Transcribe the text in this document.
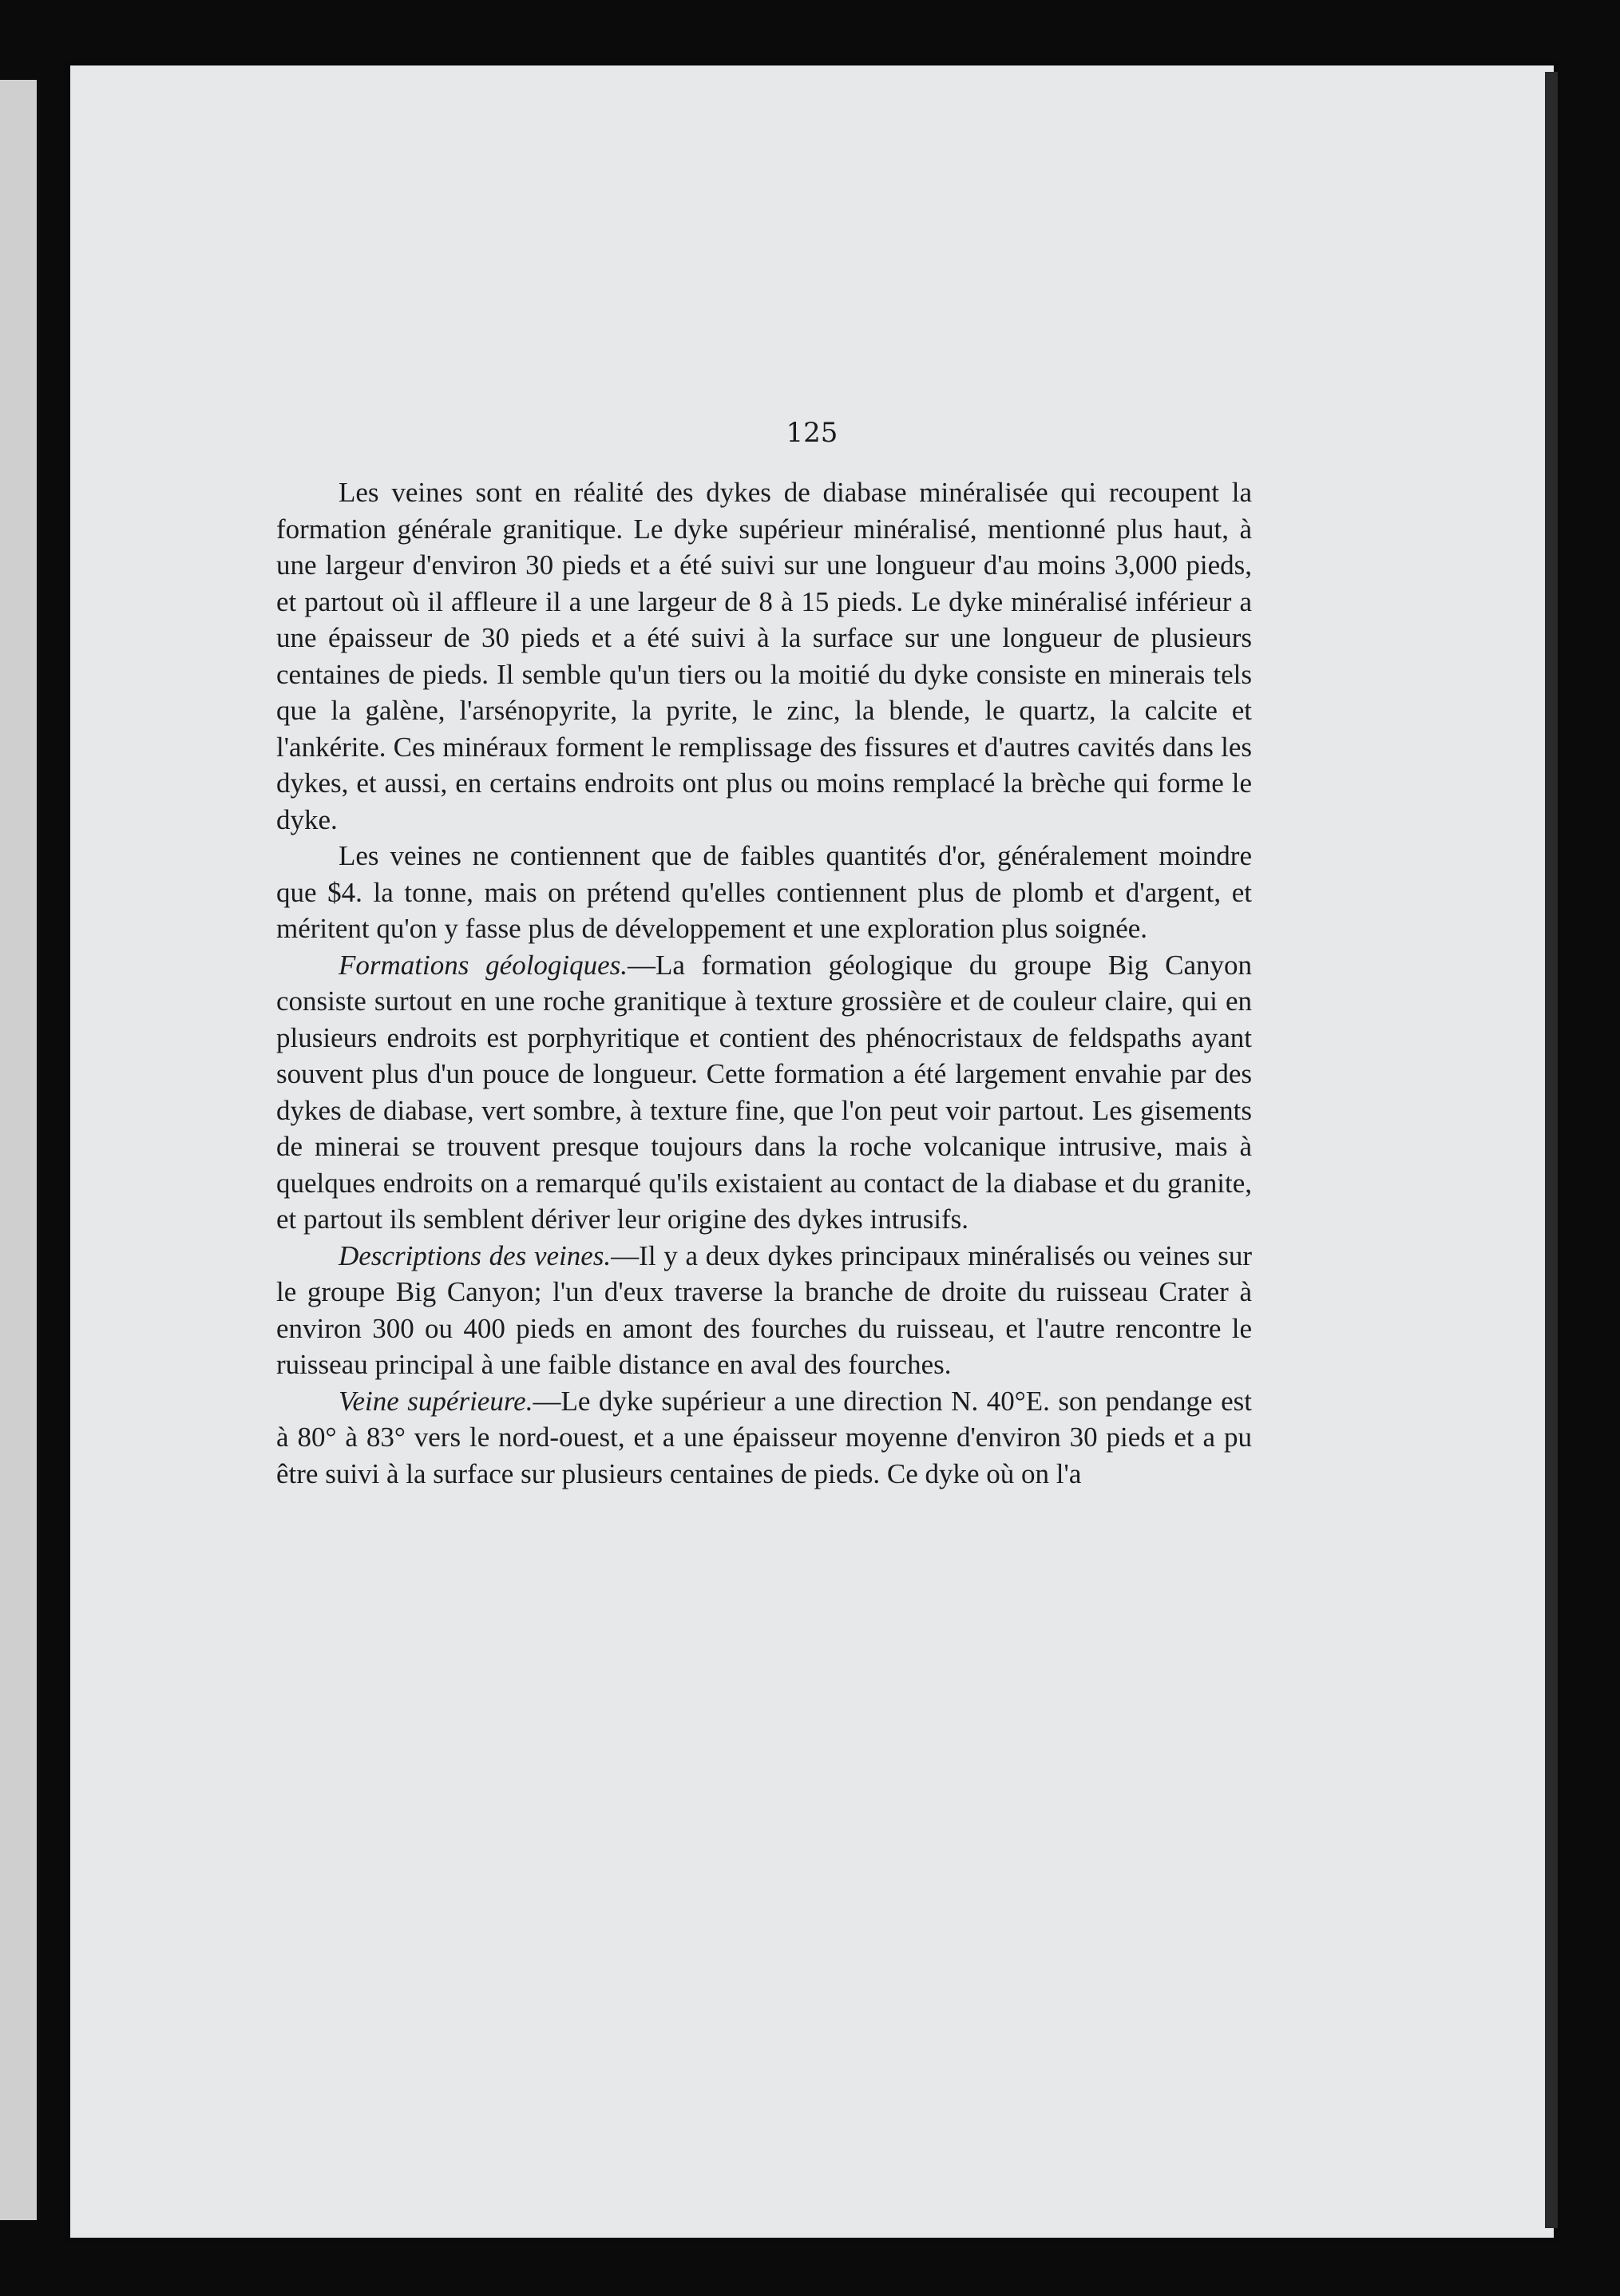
125

Les veines sont en réalité des dykes de diabase minéralisée qui recoupent la formation générale granitique. Le dyke supérieur minéralisé, mentionné plus haut, à une largeur d'environ 30 pieds et a été suivi sur une longueur d'au moins 3,000 pieds, et partout où il affleure il a une largeur de 8 à 15 pieds. Le dyke minéralisé inférieur a une épaisseur de 30 pieds et a été suivi à la surface sur une longueur de plusieurs centaines de pieds. Il semble qu'un tiers ou la moitié du dyke consiste en minerais tels que la galène, l'arsénopyrite, la pyrite, le zinc, la blende, le quartz, la calcite et l'ankérite. Ces minéraux forment le remplissage des fissures et d'autres cavités dans les dykes, et aussi, en certains endroits ont plus ou moins remplacé la brèche qui forme le dyke.

Les veines ne contiennent que de faibles quantités d'or, généralement moindre que $4. la tonne, mais on prétend qu'elles contiennent plus de plomb et d'argent, et méritent qu'on y fasse plus de développement et une exploration plus soignée.

Formations géologiques.—La formation géologique du groupe Big Canyon consiste surtout en une roche granitique à texture grossière et de couleur claire, qui en plusieurs endroits est porphyritique et contient des phénocristaux de feldspaths ayant souvent plus d'un pouce de longueur. Cette formation a été largement envahie par des dykes de diabase, vert sombre, à texture fine, que l'on peut voir partout. Les gisements de minerai se trouvent presque toujours dans la roche volcanique intrusive, mais à quelques endroits on a remarqué qu'ils existaient au contact de la diabase et du granite, et partout ils semblent dériver leur origine des dykes intrusifs.

Descriptions des veines.—Il y a deux dykes principaux minéralisés ou veines sur le groupe Big Canyon; l'un d'eux traverse la branche de droite du ruisseau Crater à environ 300 ou 400 pieds en amont des fourches du ruisseau, et l'autre rencontre le ruisseau principal à une faible distance en aval des fourches.

Veine supérieure.—Le dyke supérieur a une direction N. 40°E. son pendange est à 80° à 83° vers le nord-ouest, et a une épaisseur moyenne d'environ 30 pieds et a pu être suivi à la surface sur plusieurs centaines de pieds. Ce dyke où on l'a
